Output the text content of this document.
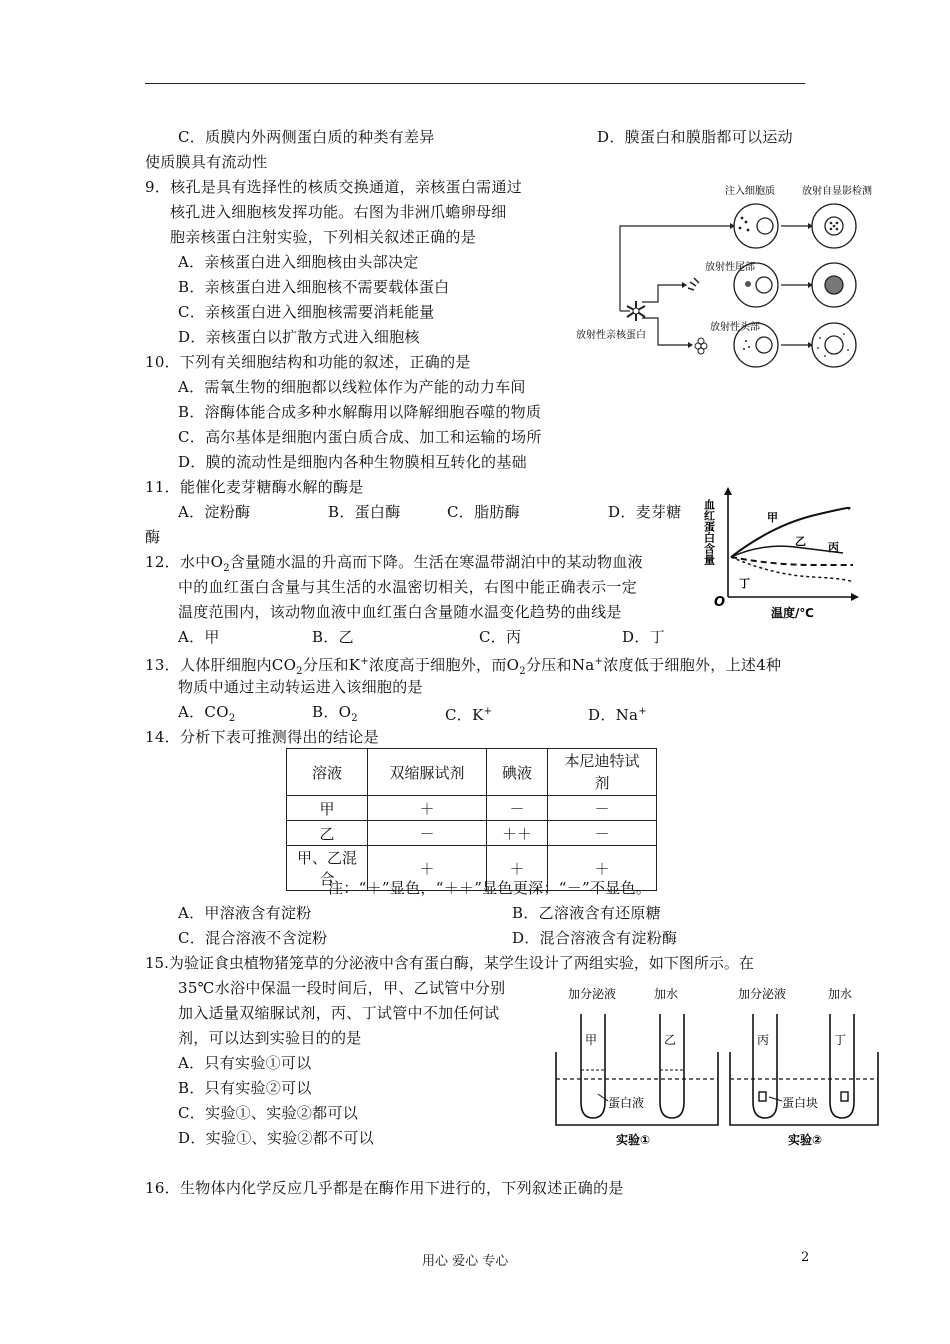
C．质膜内外两侧蛋白质的种类有差异	D．膜蛋白和膜脂都可以运动
使质膜具有流动性
9．核孔是具有选择性的核质交换通道，亲核蛋白需通过
核孔进入细胞核发挥功能。右图为非洲爪蟾卵母细
胞亲核蛋白注射实验，下列相关叙述正确的是
A．亲核蛋白进入细胞核由头部决定
B．亲核蛋白进入细胞核不需要载体蛋白
C．亲核蛋白进入细胞核需要消耗能量
D．亲核蛋白以扩散方式进入细胞核
注入细胞质	放射自显影检测
放射性尾部
放射性头部
放射性亲核蛋白
10．下列有关细胞结构和功能的叙述，正确的是
A．需氧生物的细胞都以线粒体作为产能的动力车间
B．溶酶体能合成多种水解酶用以降解细胞吞噬的物质
C．高尔基体是细胞内蛋白质合成、加工和运输的场所
D．膜的流动性是细胞内各种生物膜相互转化的基础
11．能催化麦芽糖酶水解的酶是
A．淀粉酶	B．蛋白酶	C．脂肪酶	D．麦芽糖
酶	血红蛋白含量
O
温度/℃
甲
乙 丙
丁
12．水中$O_2$含量随水温的升高而下降。生活在寒温带湖泊中的某动物血液
中的血红蛋白含量与其生活的水温密切相关，右图中能正确表示一定
温度范围内，该动物血液中血红蛋白含量随水温变化趋势的曲线是
A．甲	B．乙	C．丙	D．丁
13．人体肝细胞内$CO_2$分压和K+浓度高于细胞外，而$O_2$分压和Na+浓度低于细胞外，上述4种
物质中通过主动转运进入该细胞的是
A．$CO_2$	B．$O_2$	C．K+	D．Na+
14．分析下表可推测得出的结论是
溶液	双缩脲试剂	碘液	本尼迪特试
剂
甲	＋	－	－
乙	－	＋＋	－
甲、乙混合	＋	＋	＋
注：“＋”显色，“＋＋”显色更深；“－”不显色。
A．甲溶液含有淀粉	B．乙溶液含有还原糖
C．混合溶液不含淀粉	D．混合溶液含有淀粉酶
15.为验证食虫植物猪笼草的分泌液中含有蛋白酶，某学生设计了两组实验，如下图所示。在
35℃水浴中保温一段时间后，甲、乙试管中分别
加入适量双缩脲试剂，丙、丁试管中不加任何试
剂，可以达到实验目的的是
A．只有实验①可以
B．只有实验②可以
C．实验①、实验②都可以
D．实验①、实验②都不可以
加分泌液	加水
甲	乙
蛋白液
实验①
加分泌液	加水
丙	丁
蛋白块
实验②
16．生物体内化学反应几乎都是在酶作用下进行的，下列叙述正确的是
用心 爱心 专心	2
